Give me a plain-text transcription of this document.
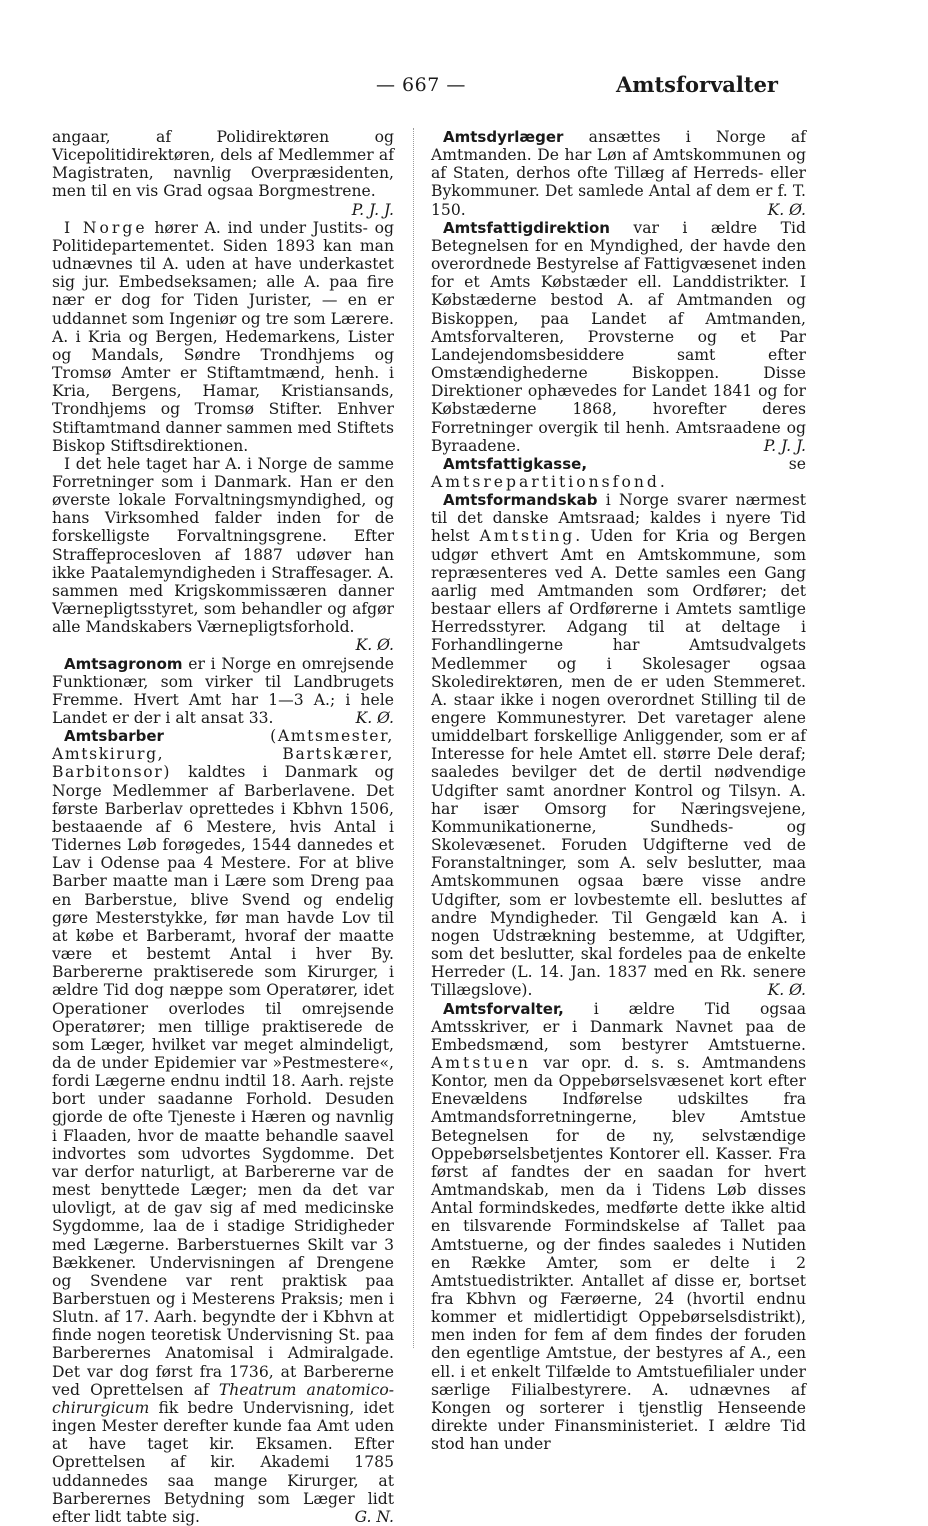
— 667 —	Amtsforvalter

angaar, af Polidirektøren og Vicepolitidirektøren, dels af Medlemmer af Magistraten, navnlig Overpræsidenten, men til en vis Grad ogsaa Borgmestrene.
P. J. J.

I Norge hører A. ind under Justits- og Politidepartementet. Siden 1893 kan man udnævnes til A. uden at have underkastet sig jur. Embedseksamen; alle A. paa fire nær er dog for Tiden Jurister, — en er uddannet som Ingeniør og tre som Lærere. A. i Kria og Bergen, Hedemarkens, Lister og Mandals, Søndre Trondhjems og Tromsø Amter er Stiftamtmænd, henh. i Kria, Bergens, Hamar, Kristiansands, Trondhjems og Tromsø Stifter. Enhver Stiftamtmand danner sammen med Stiftets Biskop Stiftsdirektionen.

I det hele taget har A. i Norge de samme Forretninger som i Danmark. Han er den øverste lokale Forvaltningsmyndighed, og hans Virksomhed falder inden for de forskelligste Forvaltningsgrene. Efter Straffeprocesloven af 1887 udøver han ikke Paatalemyndigheden i Straffesager. A. sammen med Krigskommissæren danner Værnepligtsstyret, som behandler og afgør alle Mandskabers Værnepligtsforhold.
K. Ø.

Amtsagronom er i Norge en omrejsende Funktionær, som virker til Landbrugets Fremme. Hvert Amt har 1—3 A.; i hele Landet er der i alt ansat 33.	K. Ø.

Amtsbarber (Amtsmester, Amtskirurg, Bartskærer, Barbitonsor) kaldtes i Danmark og Norge Medlemmer af Barberlavene. Det første Barberlav oprettedes i Kbhvn 1506, bestaaende af 6 Mestere, hvis Antal i Tidernes Løb forøgedes, 1544 dannedes et Lav i Odense paa 4 Mestere. For at blive Barber maatte man i Lære som Dreng paa en Barberstue, blive Svend og endelig gøre Mesterstykke, før man havde Lov til at købe et Barberamt, hvoraf der maatte være et bestemt Antal i hver By. Barbererne praktiserede som Kirurger, i ældre Tid dog næppe som Operatører, idet Operationer overlodes til omrejsende Operatører; men tillige praktiserede de som Læger, hvilket var meget almindeligt, da de under Epidemier var »Pestmestere«, fordi Lægerne endnu indtil 18. Aarh. rejste bort under saadanne Forhold. Desuden gjorde de ofte Tjeneste i Hæren og navnlig i Flaaden, hvor de maatte behandle saavel indvortes som udvortes Sygdomme. Det var derfor naturligt, at Barbererne var de mest benyttede Læger; men da det var ulovligt, at de gav sig af med medicinske Sygdomme, laa de i stadige Stridigheder med Lægerne. Barberstuernes Skilt var 3 Bækkener. Undervisningen af Drengene og Svendene var rent praktisk paa Barberstuen og i Mesterens Praksis; men i Slutn. af 17. Aarh. begyndte der i Kbhvn at finde nogen teoretisk Undervisning St. paa Barberernes Anatomisal i Admiralgade. Det var dog først fra 1736, at Barbererne ved Oprettelsen af Theatrum anatomico-chirurgicum fik bedre Undervisning, idet ingen Mester derefter kunde faa Amt uden at have taget kir. Eksamen. Efter Oprettelsen af kir. Akademi 1785 uddannedes saa mange Kirurger, at Barberernes Betydning som Læger lidt efter lidt tabte sig.	G. N.

Amtsdyrlæger ansættes i Norge af Amtmanden. De har Løn af Amtskommunen og af Staten, derhos ofte Tillæg af Herreds- eller Bykommuner. Det samlede Antal af dem er f. T. 150.	K. Ø.

Amtsfattigdirektion var i ældre Tid Betegnelsen for en Myndighed, der havde den overordnede Bestyrelse af Fattigvæsenet inden for et Amts Købstæder ell. Landdistrikter. I Købstæderne bestod A. af Amtmanden og Biskoppen, paa Landet af Amtmanden, Amtsforvalteren, Provsterne og et Par Landejendomsbesiddere samt efter Omstændighederne Biskoppen. Disse Direktioner ophævedes for Landet 1841 og for Købstæderne 1868, hvorefter deres Forretninger overgik til henh. Amtsraadene og Byraadene.	P. J. J.

Amtsfattigkasse, se Amtsrepartitionsfond.

Amtsformandskab i Norge svarer nærmest til det danske Amtsraad; kaldes i nyere Tid helst Amtsting. Uden for Kria og Bergen udgør ethvert Amt en Amtskommune, som repræsenteres ved A. Dette samles een Gang aarlig med Amtmanden som Ordfører; det bestaar ellers af Ordførerne i Amtets samtlige Herredsstyrer. Adgang til at deltage i Forhandlingerne har Amtsudvalgets Medlemmer og i Skolesager ogsaa Skoledirektøren, men de er uden Stemmeret. A. staar ikke i nogen overordnet Stilling til de engere Kommunestyrer. Det varetager alene umiddelbart forskellige Anliggender, som er af Interesse for hele Amtet ell. større Dele deraf; saaledes bevilger det de dertil nødvendige Udgifter samt anordner Kontrol og Tilsyn. A. har især Omsorg for Næringsvejene, Kommunikationerne, Sundheds- og Skolevæsenet. Foruden Udgifterne ved de Foranstaltninger, som A. selv beslutter, maa Amtskommunen ogsaa bære visse andre Udgifter, som er lovbestemte ell. besluttes af andre Myndigheder. Til Gengæld kan A. i nogen Udstrækning bestemme, at Udgifter, som det beslutter, skal fordeles paa de enkelte Herreder (L. 14. Jan. 1837 med en Rk. senere Tillægslove).	K. Ø.

Amtsforvalter, i ældre Tid ogsaa Amtsskriver, er i Danmark Navnet paa de Embedsmænd, som bestyrer Amtstuerne. Amtstuen var opr. d. s. s. Amtmandens Kontor, men da Oppebørselsvæsenet kort efter Enevældens Indførelse udskiltes fra Amtmandsforretningerne, blev Amtstue Betegnelsen for de ny, selvstændige Oppebørselsbetjentes Kontorer ell. Kasser. Fra først af fandtes der en saadan for hvert Amtmandskab, men da i Tidens Løb disses Antal formindskedes, medførte dette ikke altid en tilsvarende Formindskelse af Tallet paa Amtstuerne, og der findes saaledes i Nutiden en Række Amter, som er delte i 2 Amtstuedistrikter. Antallet af disse er, bortset fra Kbhvn og Færøerne, 24 (hvortil endnu kommer et midlertidigt Oppebørselsdistrikt), men inden for fem af dem findes der foruden den egentlige Amtstue, der bestyres af A., een ell. i et enkelt Tilfælde to Amtstuefilialer under særlige Filialbestyrere. A. udnævnes af Kongen og sorterer i tjenstlig Henseende direkte under Finansministeriet. I ældre Tid stod han under
